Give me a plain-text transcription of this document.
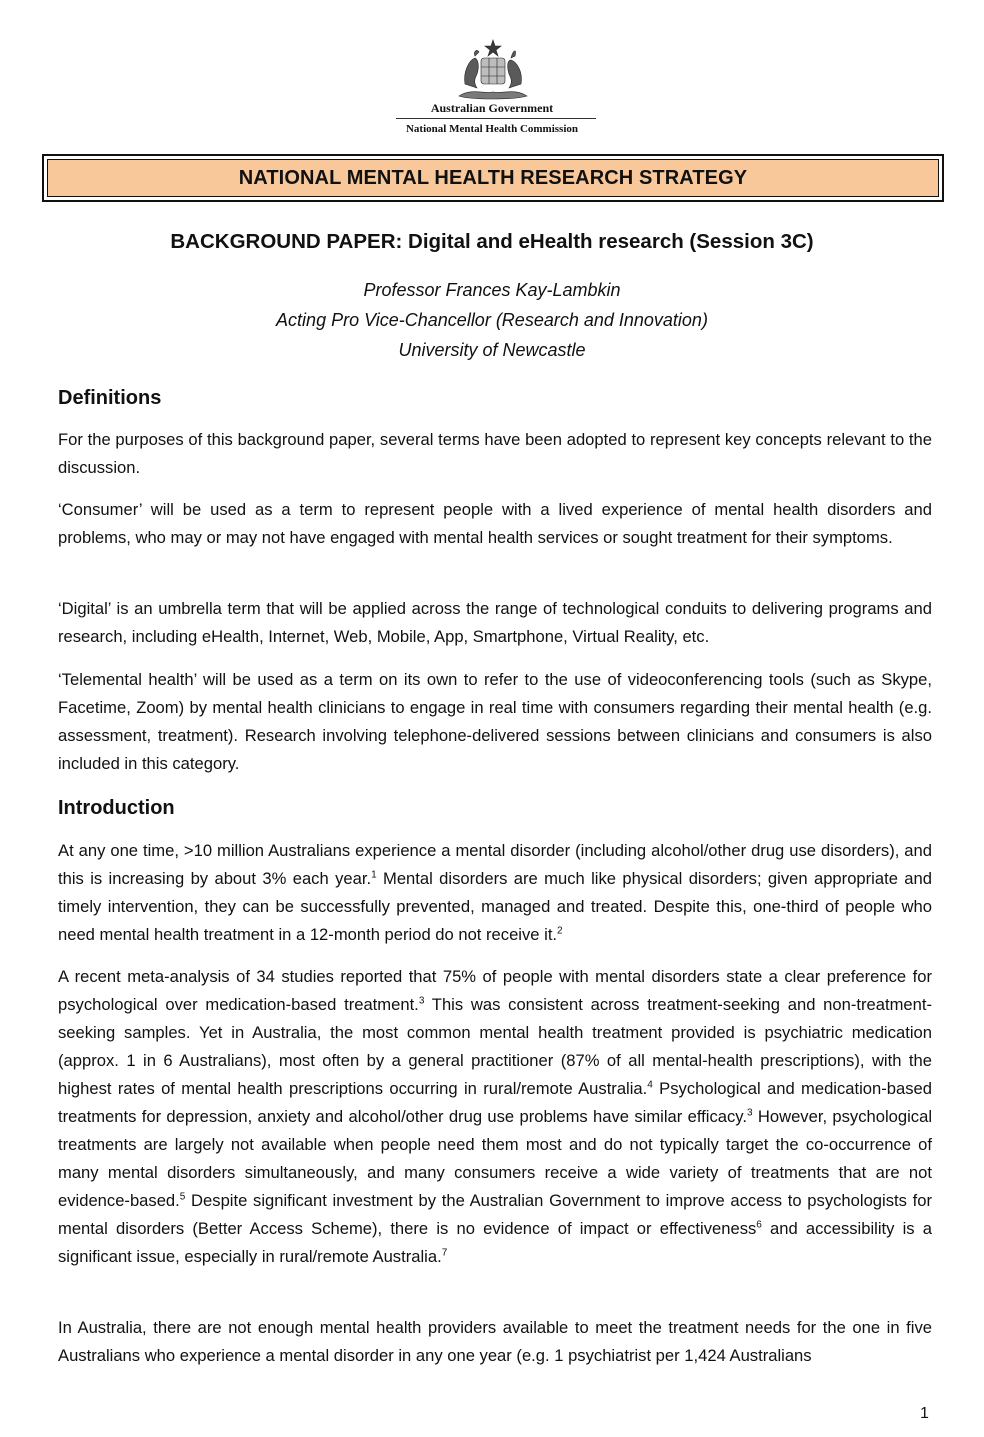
Australian Government
National Mental Health Commission
NATIONAL MENTAL HEALTH RESEARCH STRATEGY
BACKGROUND PAPER: Digital and eHealth research (Session 3C)
Professor Frances Kay-Lambkin
Acting Pro Vice-Chancellor (Research and Innovation)
University of Newcastle
Definitions
For the purposes of this background paper, several terms have been adopted to represent key concepts relevant to the discussion.
‘Consumer’ will be used as a term to represent people with a lived experience of mental health disorders and problems, who may or may not have engaged with mental health services or sought treatment for their symptoms.
‘Digital’ is an umbrella term that will be applied across the range of technological conduits to delivering programs and research, including eHealth, Internet, Web, Mobile, App, Smartphone, Virtual Reality, etc.
‘Telemental health’ will be used as a term on its own to refer to the use of videoconferencing tools (such as Skype, Facetime, Zoom) by mental health clinicians to engage in real time with consumers regarding their mental health (e.g. assessment, treatment). Research involving telephone-delivered sessions between clinicians and consumers is also included in this category.
Introduction
At any one time, >10 million Australians experience a mental disorder (including alcohol/other drug use disorders), and this is increasing by about 3% each year.$^1$ Mental disorders are much like physical disorders; given appropriate and timely intervention, they can be successfully prevented, managed and treated. Despite this, one-third of people who need mental health treatment in a 12-month period do not receive it.$^2$
A recent meta-analysis of 34 studies reported that 75% of people with mental disorders state a clear preference for psychological over medication-based treatment.$^3$ This was consistent across treatment-seeking and non-treatment-seeking samples. Yet in Australia, the most common mental health treatment provided is psychiatric medication (approx. 1 in 6 Australians), most often by a general practitioner (87% of all mental-health prescriptions), with the highest rates of mental health prescriptions occurring in rural/remote Australia.$^4$ Psychological and medication-based treatments for depression, anxiety and alcohol/other drug use problems have similar efficacy.$^3$ However, psychological treatments are largely not available when people need them most and do not typically target the co-occurrence of many mental disorders simultaneously, and many consumers receive a wide variety of treatments that are not evidence-based.$^5$ Despite significant investment by the Australian Government to improve access to psychologists for mental disorders (Better Access Scheme), there is no evidence of impact or effectiveness$^6$ and accessibility is a significant issue, especially in rural/remote Australia.$^7$
In Australia, there are not enough mental health providers available to meet the treatment needs for the one in five Australians who experience a mental disorder in any one year (e.g. 1 psychiatrist per 1,424 Australians
1
